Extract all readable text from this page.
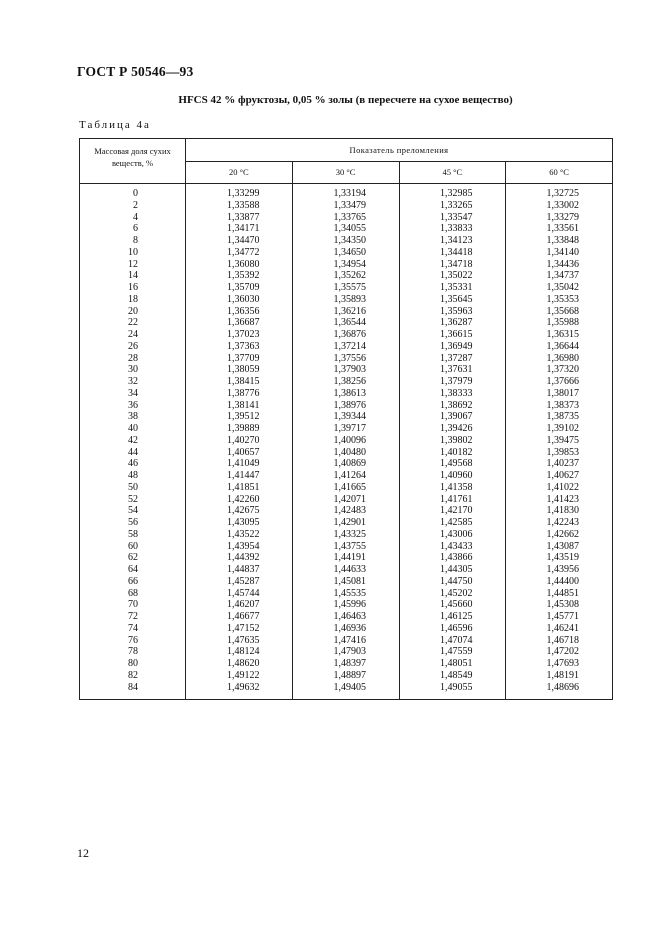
ГОСТ Р 50546—93
HFCS 42 % фруктозы, 0,05 % золы (в пересчете на сухое вещество)
Таблица 4а
Массовая доля сухих веществ, %
Показатель преломления
20 °С	30 °С	45 °С	60 °С
0	1,33299	1,33194	1,32985	1,32725
2	1,33588	1,33479	1,33265	1,33002
4	1,33877	1,33765	1,33547	1,33279
6	1,34171	1,34055	1,33833	1,33561
8	1,34470	1,34350	1,34123	1,33848
10	1,34772	1,34650	1,34418	1,34140
12	1,36080	1,34954	1,34718	1,34436
14	1,35392	1,35262	1,35022	1,34737
16	1,35709	1,35575	1,35331	1,35042
18	1,36030	1,35893	1,35645	1,35353
20	1,36356	1,36216	1,35963	1,35668
22	1,36687	1,36544	1,36287	1,35988
24	1,37023	1,36876	1,36615	1,36315
26	1,37363	1,37214	1,36949	1,36644
28	1,37709	1,37556	1,37287	1,36980
30	1,38059	1,37903	1,37631	1,37320
32	1,38415	1,38256	1,37979	1,37666
34	1,38776	1,38613	1,38333	1,38017
36	1,38141	1,38976	1,38692	1,38373
38	1,39512	1,39344	1,39067	1,38735
40	1,39889	1,39717	1,39426	1,39102
42	1,40270	1,40096	1,39802	1,39475
44	1,40657	1,40480	1,40182	1,39853
46	1,41049	1,40869	1,49568	1,40237
48	1,41447	1,41264	1,40960	1,40627
50	1,41851	1,41665	1,41358	1,41022
52	1,42260	1,42071	1,41761	1,41423
54	1,42675	1,42483	1,42170	1,41830
56	1,43095	1,42901	1,42585	1,42243
58	1,43522	1,43325	1,43006	1,42662
60	1,43954	1,43755	1,43433	1,43087
62	1,44392	1,44191	1,43866	1,43519
64	1,44837	1,44633	1,44305	1,43956
66	1,45287	1,45081	1,44750	1,44400
68	1,45744	1,45535	1,45202	1,44851
70	1,46207	1,45996	1,45660	1,45308
72	1,46677	1,46463	1,46125	1,45771
74	1,47152	1,46936	1,46596	1,46241
76	1,47635	1,47416	1,47074	1,46718
78	1,48124	1,47903	1,47559	1,47202
80	1,48620	1,48397	1,48051	1,47693
82	1,49122	1,48897	1,48549	1,48191
84	1,49632	1,49405	1,49055	1,48696
12
